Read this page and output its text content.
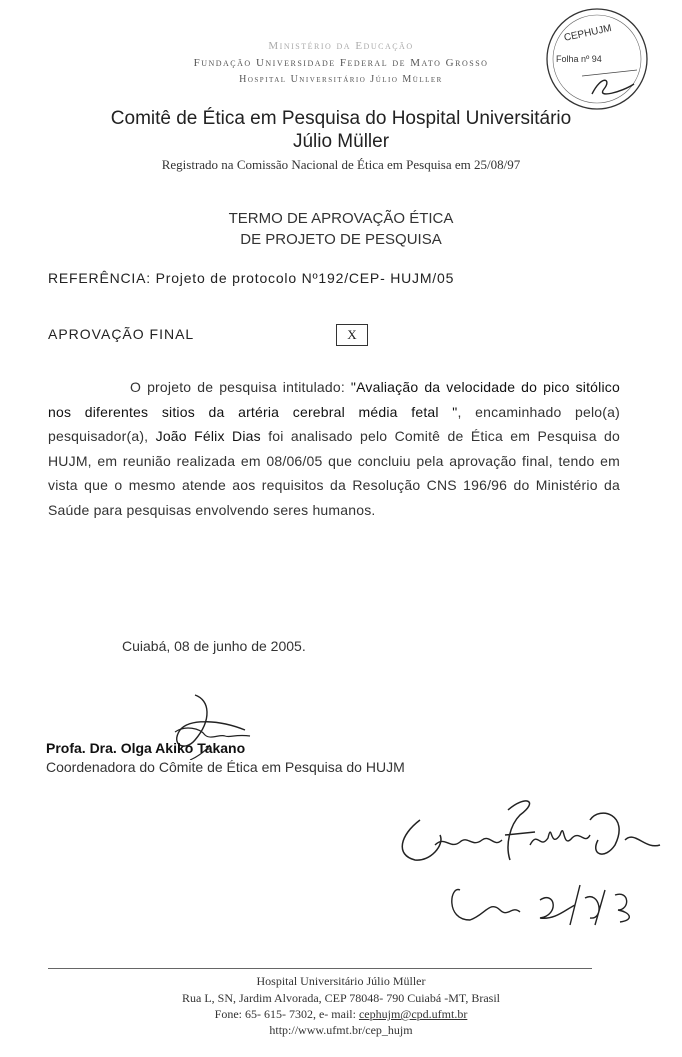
Ministério da Educação
Fundação Universidade Federal de Mato Grosso
Hospital Universitário Júlio Müller
CEPHUJM
Folha nº 94
Comitê de Ética em Pesquisa do Hospital Universitário
Júlio Müller
Registrado na Comissão Nacional de Ética em Pesquisa em 25/08/97
TERMO DE APROVAÇÃO ÉTICA
DE PROJETO DE PESQUISA
REFERÊNCIA: Projeto de protocolo Nº192/CEP- HUJM/05
APROVAÇÃO FINAL	X
O projeto de pesquisa intitulado: "Avaliação da velocidade do pico sitólico nos diferentes sitios da artéria cerebral média fetal ", encaminhado pelo(a) pesquisador(a), João Félix Dias foi analisado pelo Comitê de Ética em Pesquisa do HUJM, em reunião realizada em 08/06/05 que concluiu pela aprovação final, tendo em vista que o mesmo atende aos requisitos da Resolução CNS 196/96 do Ministério da Saúde para pesquisas envolvendo seres humanos.
Cuiabá, 08 de junho de 2005.
Profa. Dra. Olga Akiko Takano
Coordenadora do Cômite de Ética em Pesquisa do HUJM
Hospital Universitário Júlio Müller
Rua L, SN, Jardim Alvorada, CEP 78048- 790 Cuiabá -MT, Brasil
Fone: 65- 615- 7302, e- mail: cephujm@cpd.ufmt.br
http://www.ufmt.br/cep_hujm
